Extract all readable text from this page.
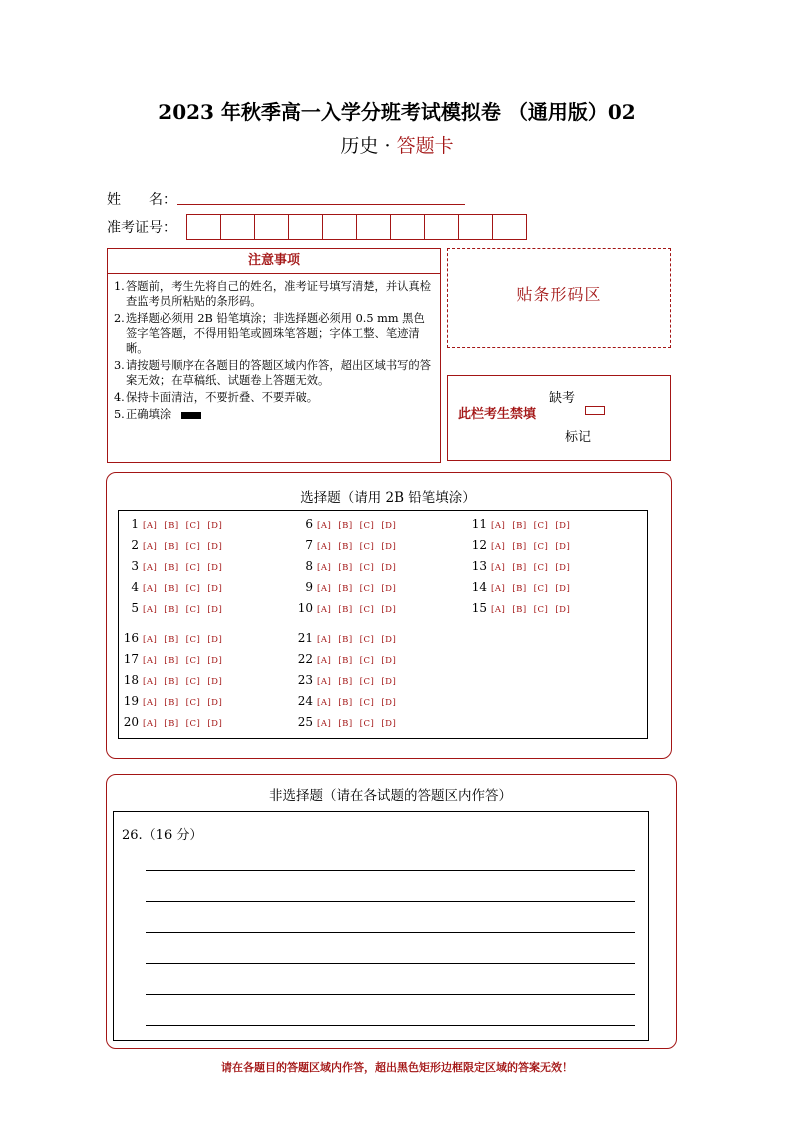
2023 年秋季高一入学分班考试模拟卷 （通用版）02
历史 · 答题卡
姓　　名：
准考证号：
注意事项
1. 答题前，考生先将自己的姓名，准考证号填写清楚，并认真检查监考员所粘贴的条形码。
2. 选择题必须用 2B 铅笔填涂；非选择题必须用 0.5 mm 黑色签字笔答题，不得用铅笔或圆珠笔答题；字体工整、笔迹清晰。
3. 请按题号顺序在各题目的答题区域内作答，超出区域书写的答案无效；在草稿纸、试题卷上答题无效。
4. 保持卡面清洁，不要折叠、不要弄破。
5. 正确填涂
贴条形码区
此栏考生禁填
缺考
标记
选择题（请用 2B 铅笔填涂）
1 [A] [B] [C] [D]
2 [A] [B] [C] [D]
3 [A] [B] [C] [D]
4 [A] [B] [C] [D]
5 [A] [B] [C] [D]
6 [A] [B] [C] [D]
7 [A] [B] [C] [D]
8 [A] [B] [C] [D]
9 [A] [B] [C] [D]
10 [A] [B] [C] [D]
11 [A] [B] [C] [D]
12 [A] [B] [C] [D]
13 [A] [B] [C] [D]
14 [A] [B] [C] [D]
15 [A] [B] [C] [D]
16 [A] [B] [C] [D]
17 [A] [B] [C] [D]
18 [A] [B] [C] [D]
19 [A] [B] [C] [D]
20 [A] [B] [C] [D]
21 [A] [B] [C] [D]
22 [A] [B] [C] [D]
23 [A] [B] [C] [D]
24 [A] [B] [C] [D]
25 [A] [B] [C] [D]
非选择题（请在各试题的答题区内作答）
26.（16 分）
请在各题目的答题区域内作答，超出黑色矩形边框限定区域的答案无效！
